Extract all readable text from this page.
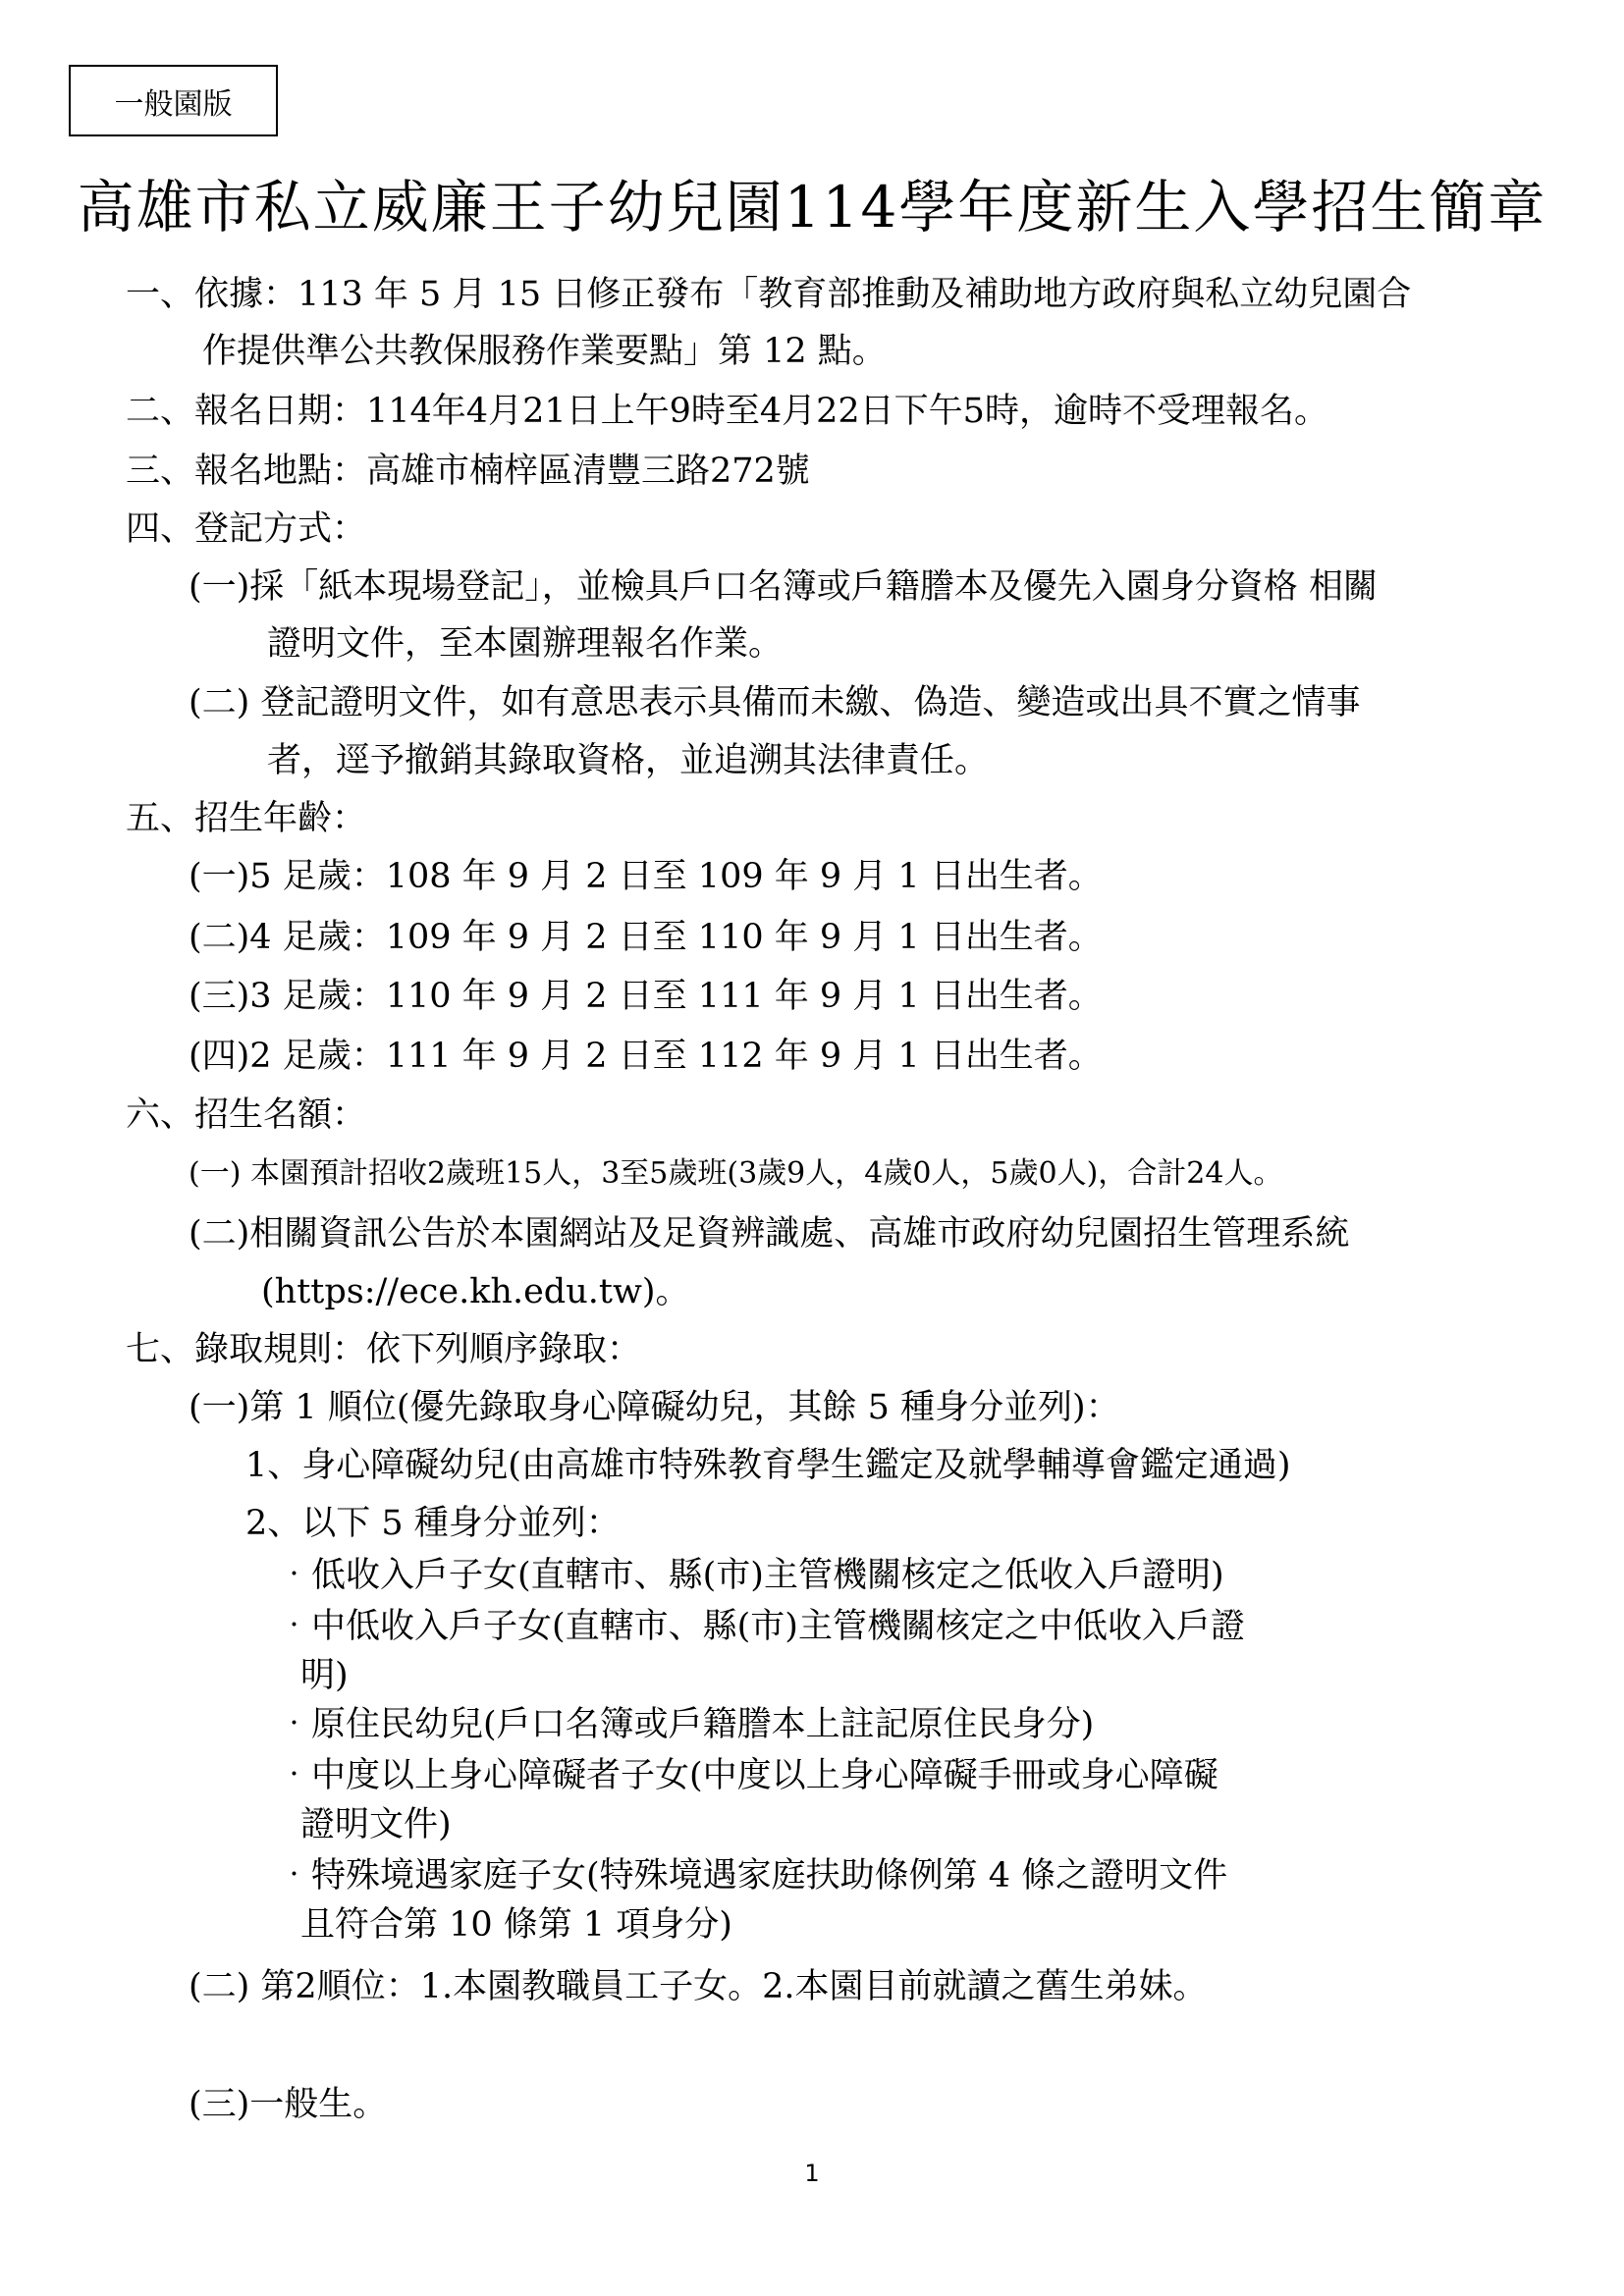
一般園版
高雄市私立威廉王子幼兒園114學年度新生入學招生簡章
一、依據：113 年 5 月 15 日修正發布「教育部推動及補助地方政府與私立幼兒園合
作提供準公共教保服務作業要點」第 12 點。
二、報名日期：114年4月21日上午9時至4月22日下午5時，逾時不受理報名。
三、報名地點：高雄市楠梓區清豐三路272號
四、登記方式：
(一)採「紙本現場登記」，並檢具戶口名簿或戶籍謄本及優先入園身分資格 相關
證明文件，至本園辦理報名作業。
(二) 登記證明文件，如有意思表示具備而未繳、偽造、變造或出具不實之情事
者，逕予撤銷其錄取資格，並追溯其法律責任。
五、招生年齡：
(一)5 足歲：108 年 9 月 2 日至 109 年 9 月 1 日出生者。
(二)4 足歲：109 年 9 月 2 日至 110 年 9 月 1 日出生者。
(三)3 足歲：110 年 9 月 2 日至 111 年 9 月 1 日出生者。
(四)2 足歲：111 年 9 月 2 日至 112 年 9 月 1 日出生者。
六、招生名額：
(一) 本園預計招收2歲班15人，3至5歲班(3歲9人，4歲0人，5歲0人)，合計24人。
(二)相關資訊公告於本園網站及足資辨識處、高雄市政府幼兒園招生管理系統
(https://ece.kh.edu.tw)。
七、錄取規則：依下列順序錄取：
(一)第 1 順位(優先錄取身心障礙幼兒，其餘 5 種身分並列)：
1、身心障礙幼兒(由高雄市特殊教育學生鑑定及就學輔導會鑑定通過)
2、以下 5 種身分並列：
‧低收入戶子女(直轄市、縣(市)主管機關核定之低收入戶證明)
‧中低收入戶子女(直轄市、縣(市)主管機關核定之中低收入戶證
明)
‧原住民幼兒(戶口名簿或戶籍謄本上註記原住民身分)
‧中度以上身心障礙者子女(中度以上身心障礙手冊或身心障礙
證明文件)
‧特殊境遇家庭子女(特殊境遇家庭扶助條例第 4 條之證明文件
且符合第 10 條第 1 項身分)
(二) 第2順位：1.本園教職員工子女。2.本園目前就讀之舊生弟妹。
(三)一般生。
1
